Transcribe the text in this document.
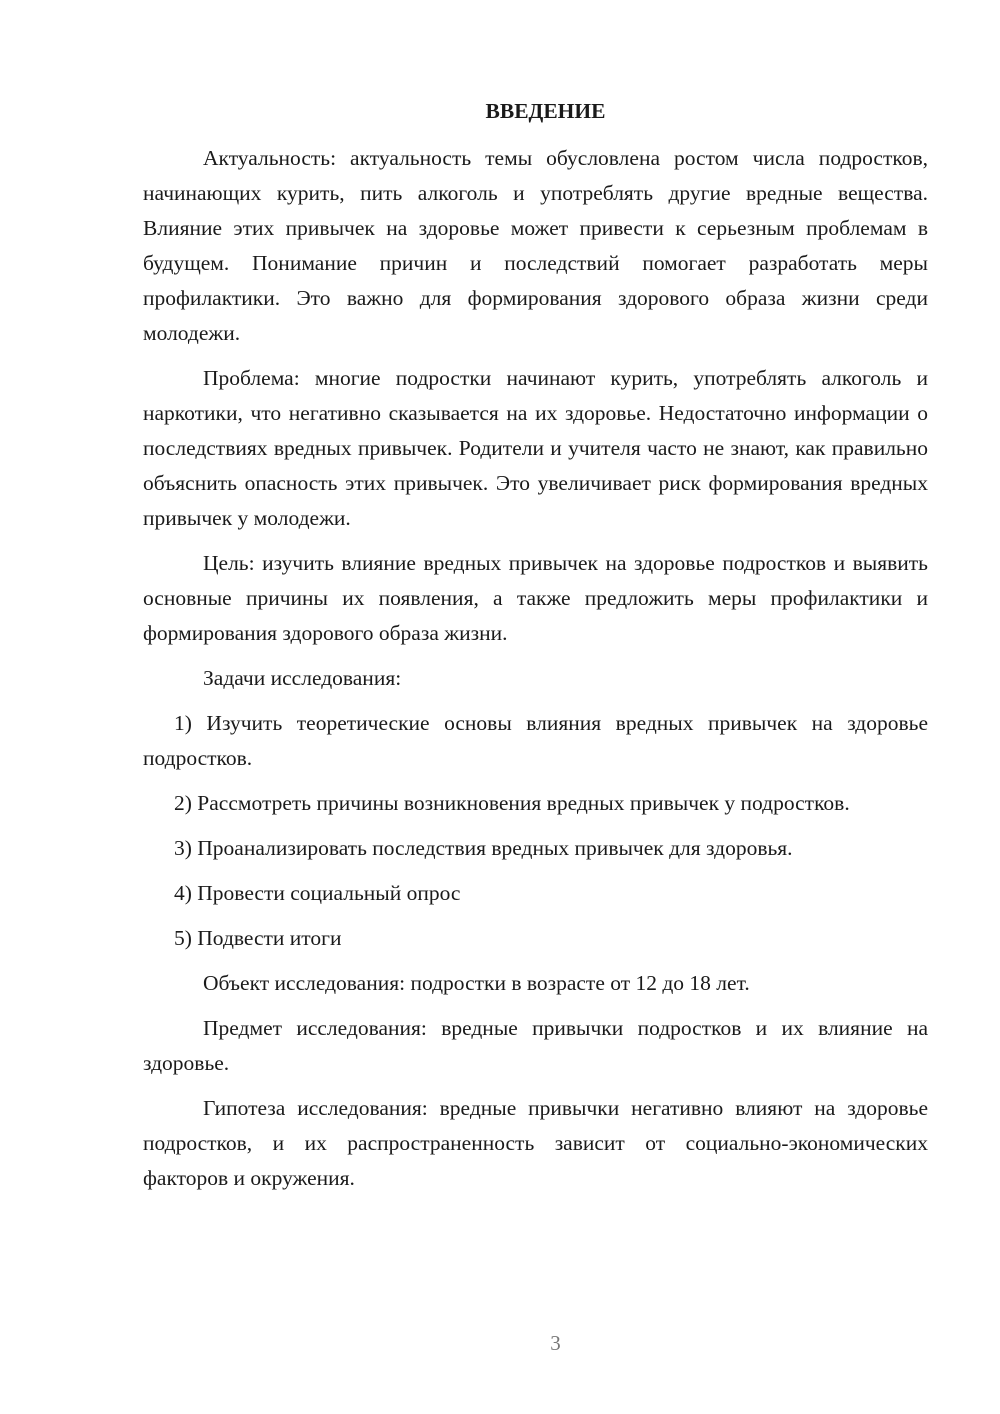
ВВЕДЕНИЕ

Актуальность: актуальность темы обусловлена ростом числа подростков, начинающих курить, пить алкоголь и употреблять другие вредные вещества. Влияние этих привычек на здоровье может привести к серьезным проблемам в будущем. Понимание причин и последствий помогает разработать меры профилактики. Это важно для формирования здорового образа жизни среди молодежи.

Проблема: многие подростки начинают курить, употреблять алкоголь и наркотики, что негативно сказывается на их здоровье. Недостаточно информации о последствиях вредных привычек. Родители и учителя часто не знают, как правильно объяснить опасность этих привычек. Это увеличивает риск формирования вредных привычек у молодежи.

Цель: изучить влияние вредных привычек на здоровье подростков и выявить основные причины их появления, а также предложить меры профилактики и формирования здорового образа жизни.

Задачи исследования:

1) Изучить теоретические основы влияния вредных привычек на здоровье подростков.

2) Рассмотреть причины возникновения вредных привычек у подростков.

3) Проанализировать последствия вредных привычек для здоровья.

4) Провести социальный опрос

5) Подвести итоги

Объект исследования: подростки в возрасте от 12 до 18 лет.

Предмет исследования: вредные привычки подростков и их влияние на здоровье.

Гипотеза исследования: вредные привычки негативно влияют на здоровье подростков, и их распространенность зависит от социально-экономических факторов и окружения.

3
